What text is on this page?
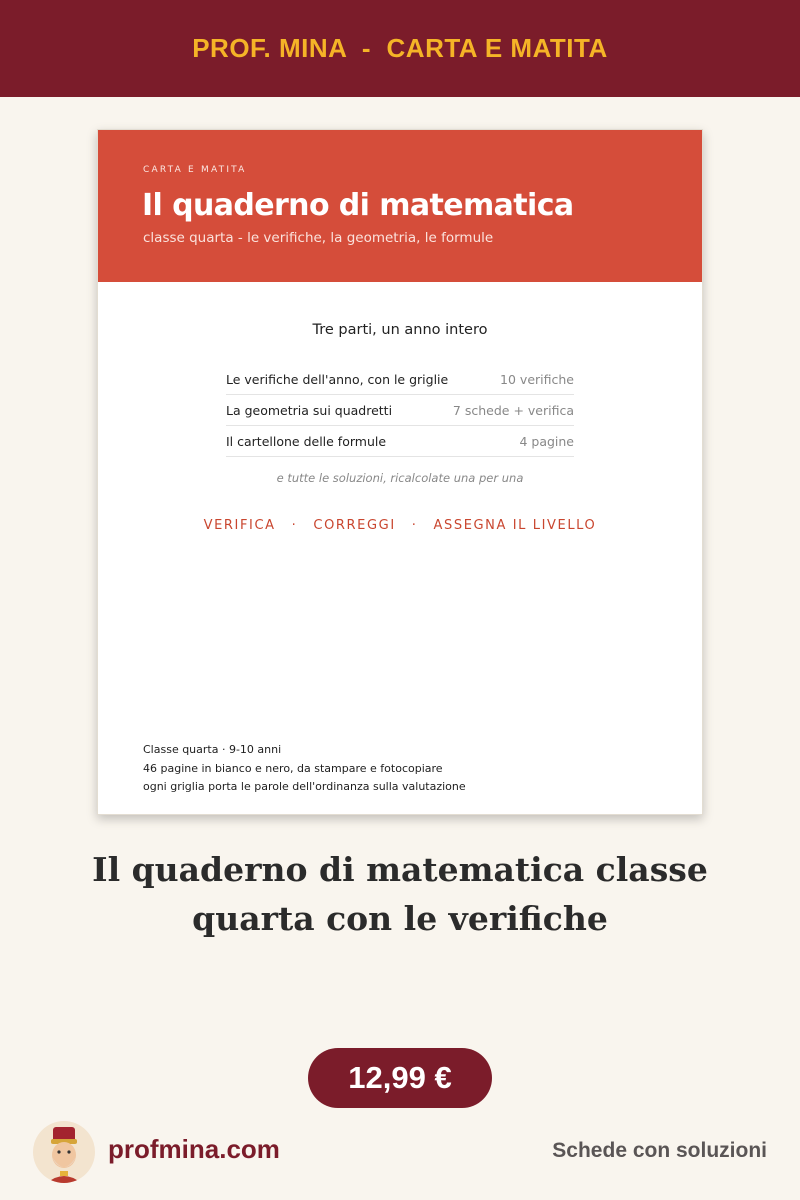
PROF. MINA  -  CARTA E MATITA
CARTA E MATITA
Il quaderno di matematica
classe quarta - le verifiche, la geometria, le formule
Tre parti, un anno intero
Le verifiche dell'anno, con le griglie	10 verifiche
La geometria sui quadretti	7 schede + verifica
Il cartellone delle formule	4 pagine
e tutte le soluzioni, ricalcolate una per una
VERIFICA · CORREGGI · ASSEGNA IL LIVELLO
Classe quarta · 9-10 anni
46 pagine in bianco e nero, da stampare e fotocopiare
ogni griglia porta le parole dell'ordinanza sulla valutazione
Il quaderno di matematica classe quarta con le verifiche
12,99 €
profmina.com	Schede con soluzioni
